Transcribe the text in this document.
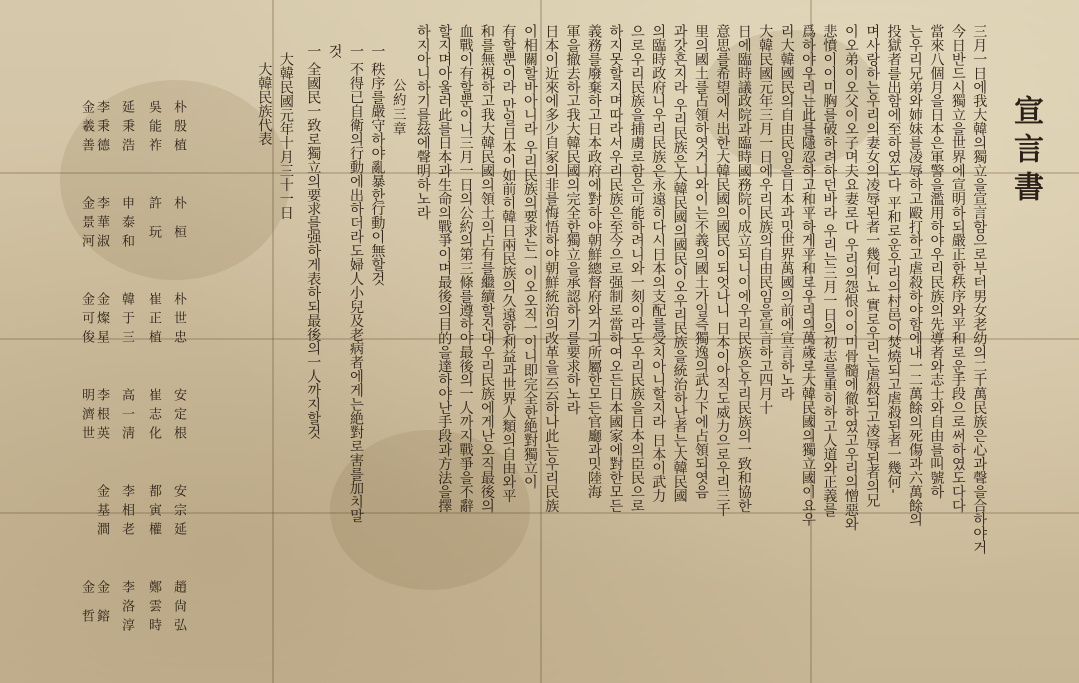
宣言書
三月一日에我大韓의獨立을宣言함으로부터男女老幼의二千萬民族은心과聲을合하야거
今日반드시獨立을世界에宣明하되嚴正한秩序와平和로운手段으로써하였도다다
當來八個月을日本은軍警을濫用하야우리民族의先導者와志士와自由를叫號하
는우리兄弟와姉妹를凌辱하고毆打하고虐殺하야함에내一二萬餘의死傷과六萬餘의
投獄者를出함에至하였도다 平和로운우리의村邑이焚燒되고虐殺된者一幾何-
며사랑하는우리의妻女의凌辱된者一幾何-뇨 實로우리는虐殺되고凌辱된者의兄
이오弟이오父이오子며夫요妻로다 우리의怨恨이이미骨髓에徹하였고우리의憎惡와
悲憤이이미胸를破하려하던바라 우리는三月一日의初志를重히하고人道와正義를
爲하야우리는此를隱忍하고和平하게平和로우리의萬歲로大韓民國의獨立國이요우
리大韓國民의自由民임을日本과밋世界萬國의前에宣言하노라
大韓民國元年三月一日에우리民族의自由民임을宣言하고四月十
日에臨時議政院과臨時國務院이成立되니이에우리民族은우리民族의一致和協한
意思를希望에서出한大韓民國의國民이되엇나니 日本이아직도威力으로우리三千
里의國土를占領하엿거니와이는不義의國土가일즉獨逸의武力下에占領되엿음
과갓흔지라 우리民族은大韓民國의國民이오우리民族을統治하난者는大韓民國
의臨時政府니우리民族은永遠히다시日本의支配를受치아니할지라 日本이武力
으로우리民族을捕虜로함은可能하려니와一刻이라도우리民族을日本의臣民으로
하지못할지며따라서우리民族은至今으로强制로當하여오든日本國家에對한모든
義務를廢棄하고日本政府에對하야朝鮮總督府와거긔所屬한모든官廳과밋陸海
軍을撤去하고我大韓民國의完全한獨立을承認하기를要求하노라
日本이近來에多少自家의非를悔悟하야朝鮮統治의改革을云云하나此는우리民族
이相關할바아니라 우리民族의要求는一이오오직一이니即完全한絶對獨立이
有할뿐이라 만일日本이如前히韓日兩民族의久遠한利益과世界人類의自由와平
和를無視하고我大韓民國의領土의占有를繼續할진대우리民族에게난오직最後의
血戰이有할뿐이니三月一日의公約의第三條를遵하야最後의一人까지戰爭을不辭
할지며아울러此를日本과生命의戰爭이며最後의目的을達하야난手段과方法을擇
하지아니하기를玆에聲明하노라
公約三章
一 秩序를嚴守하야亂暴한行動이無할것
一 不得已自衛의行動에出하더라도婦人小兒及老病者에게는絶對로害를加치말
것
一 全國民一致로獨立의要求를强하게表하되最後의一人까지할것
大韓民國元年十月三十一日
大韓民族代表
朴殷植
吳能祚
延秉浩
李秉德
金羲善
朴 桓
許 玩
申泰和
李華淑
金景河
朴世忠
崔正植
韓于三
金燦星
金可俊
安定根
崔志化
高一淸
李根英
明濟世
安宗延
都寅權
李相老
金基澗
趙尙弘
鄭雲時
李洛淳
金 鎔
金 哲
